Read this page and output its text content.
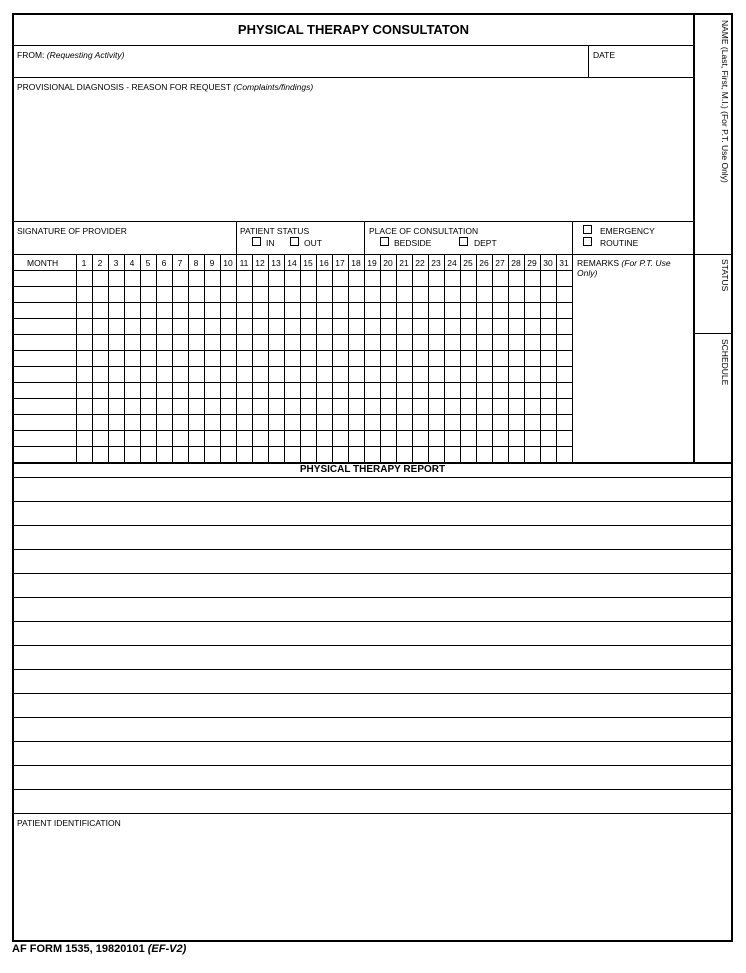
PHYSICAL THERAPY CONSULTATON
FROM: (Requesting Activity)	DATE
PROVISIONAL DIAGNOSIS - REASON FOR REQUEST (Complaints/findings)
SIGNATURE OF PROVIDER	PATIENT STATUS
IN	OUT
PLACE OF CONSULTATION
BEDSIDE	DEPT
EMERGENCY
ROUTINE
NAME (Last, First, M.I.) (For P.T. Use Only)
STATUS
SCHEDULE
MONTH	1	2	3	4	5	6	7	8	9	10 11 12 13 14 15 16 17 18 19 20 21 22 23 24 25 26 27 28 29 30 31 REMARKS (For P.T. Use Only)
PHYSICAL THERAPY REPORT
PATIENT IDENTIFICATION
AF FORM 1535, 19820101 (EF-V2)
